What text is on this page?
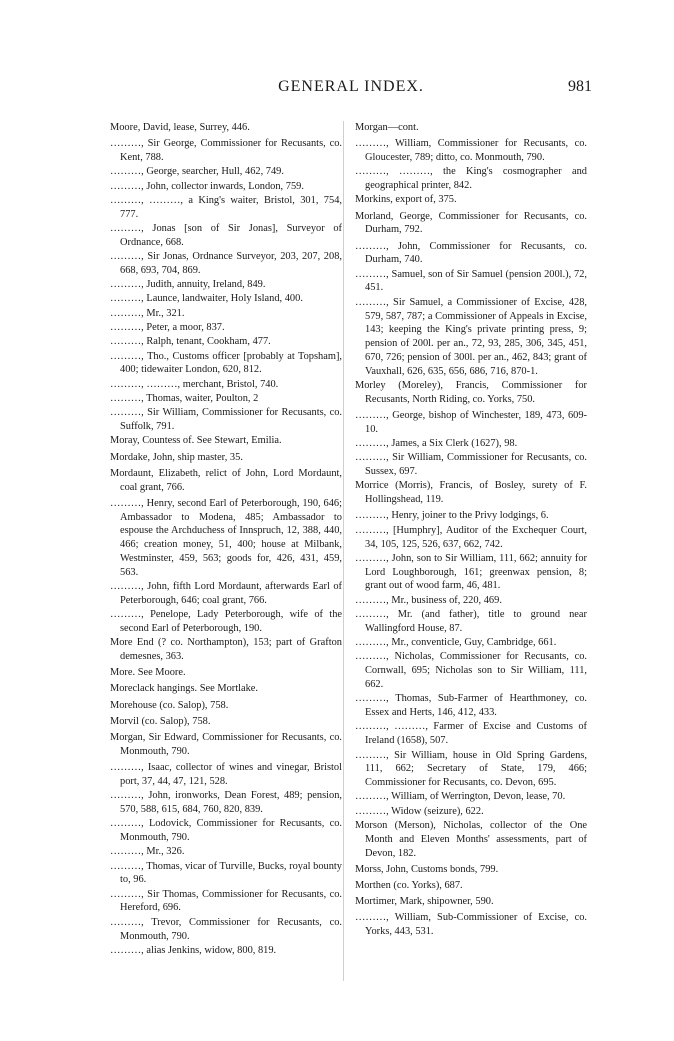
GENERAL INDEX.	981

Moore, David, lease, Surrey, 446.

………, Sir George, Commissioner for Recusants, co. Kent, 788.

………, George, searcher, Hull, 462, 749.

………, John, collector inwards, London, 759.

………, ………, a King's waiter, Bristol, 301, 754, 777.

………, Jonas [son of Sir Jonas], Surveyor of Ordnance, 668.

………, Sir Jonas, Ordnance Surveyor, 203, 207, 208, 668, 693, 704, 869.

………, Judith, annuity, Ireland, 849.

………, Launce, landwaiter, Holy Island, 400.

………, Mr., 321.

………, Peter, a moor, 837.

………, Ralph, tenant, Cookham, 477.

………, Tho., Customs officer [probably at Topsham], 400; tidewaiter London, 620, 812.

………, ………, merchant, Bristol, 740.

………, Thomas, waiter, Poulton, 2

………, Sir William, Commissioner for Recusants, co. Suffolk, 791.

Moray, Countess of. See Stewart, Emilia.

Mordake, John, ship master, 35.

Mordaunt, Elizabeth, relict of John, Lord Mordaunt, coal grant, 766.

………, Henry, second Earl of Peterborough, 190, 646; Ambassador to Modena, 485; Ambassador to espouse the Archduchess of Innspruch, 12, 388, 440, 466; creation money, 51, 400; house at Milbank, Westminster, 459, 563; goods for, 426, 431, 459, 563.

………, John, fifth Lord Mordaunt, afterwards Earl of Peterborough, 646; coal grant, 766.

………, Penelope, Lady Peterborough, wife of the second Earl of Peterborough, 190.

More End (? co. Northampton), 153; part of Grafton demesnes, 363.

More. See Moore.

Moreclack hangings. See Mortlake.

Morehouse (co. Salop), 758.

Morvil (co. Salop), 758.

Morgan, Sir Edward, Commissioner for Recusants, co. Monmouth, 790.

………, Isaac, collector of wines and vinegar, Bristol port, 37, 44, 47, 121, 528.

………, John, ironworks, Dean Forest, 489; pension, 570, 588, 615, 684, 760, 820, 839.

………, Lodovick, Commissioner for Recusants, co. Monmouth, 790.

………, Mr., 326.

………, Thomas, vicar of Turville, Bucks, royal bounty to, 96.

………, Sir Thomas, Commissioner for Recusants, co. Hereford, 696.

………, Trevor, Commissioner for Recusants, co. Monmouth, 790.

………, alias Jenkins, widow, 800, 819.

Morgan—cont.

………, William, Commissioner for Recusants, co. Gloucester, 789; ditto, co. Monmouth, 790.

………, ………, the King's cosmographer and geographical printer, 842.

Morkins, export of, 375.

Morland, George, Commissioner for Recusants, co. Durham, 792.

………, John, Commissioner for Recusants, co. Durham, 740.

………, Samuel, son of Sir Samuel (pension 200l.), 72, 451.

………, Sir Samuel, a Commissioner of Excise, 428, 579, 587, 787; a Commissioner of Appeals in Excise, 143; keeping the King's private printing press, 9; pension of 200l. per an., 72, 93, 285, 306, 345, 451, 670, 726; pension of 300l. per an., 462, 843; grant of Vauxhall, 626, 635, 656, 686, 716, 870-1.

Morley (Moreley), Francis, Commissioner for Recusants, North Riding, co. Yorks, 750.

………, George, bishop of Winchester, 189, 473, 609-10.

………, James, a Six Clerk (1627), 98.

………, Sir William, Commissioner for Recusants, co. Sussex, 697.

Morrice (Morris), Francis, of Bosley, surety of F. Hollingshead, 119.

………, Henry, joiner to the Privy lodgings, 6.

………, [Humphry], Auditor of the Exchequer Court, 34, 105, 125, 526, 637, 662, 742.

………, John, son to Sir William, 111, 662; annuity for Lord Loughborough, 161; greenwax pension, 8; grant out of wood farm, 46, 481.

………, Mr., business of, 220, 469.

………, Mr. (and father), title to ground near Wallingford House, 87.

………, Mr., conventicle, Guy, Cambridge, 661.

………, Nicholas, Commissioner for Recusants, co. Cornwall, 695; Nicholas son to Sir William, 111, 662.

………, Thomas, Sub-Farmer of Hearthmoney, co. Essex and Herts, 146, 412, 433.

………, ………, Farmer of Excise and Customs of Ireland (1658), 507.

………, Sir William, house in Old Spring Gardens, 111, 662; Secretary of State, 179, 466; Commissioner for Recusants, co. Devon, 695.

………, William, of Werrington, Devon, lease, 70.

………, Widow (seizure), 622.

Morson (Merson), Nicholas, collector of the One Month and Eleven Months' assessments, part of Devon, 182.

Morss, John, Customs bonds, 799.

Morthen (co. Yorks), 687.

Mortimer, Mark, shipowner, 590.

………, William, Sub-Commissioner of Excise, co. Yorks, 443, 531.
